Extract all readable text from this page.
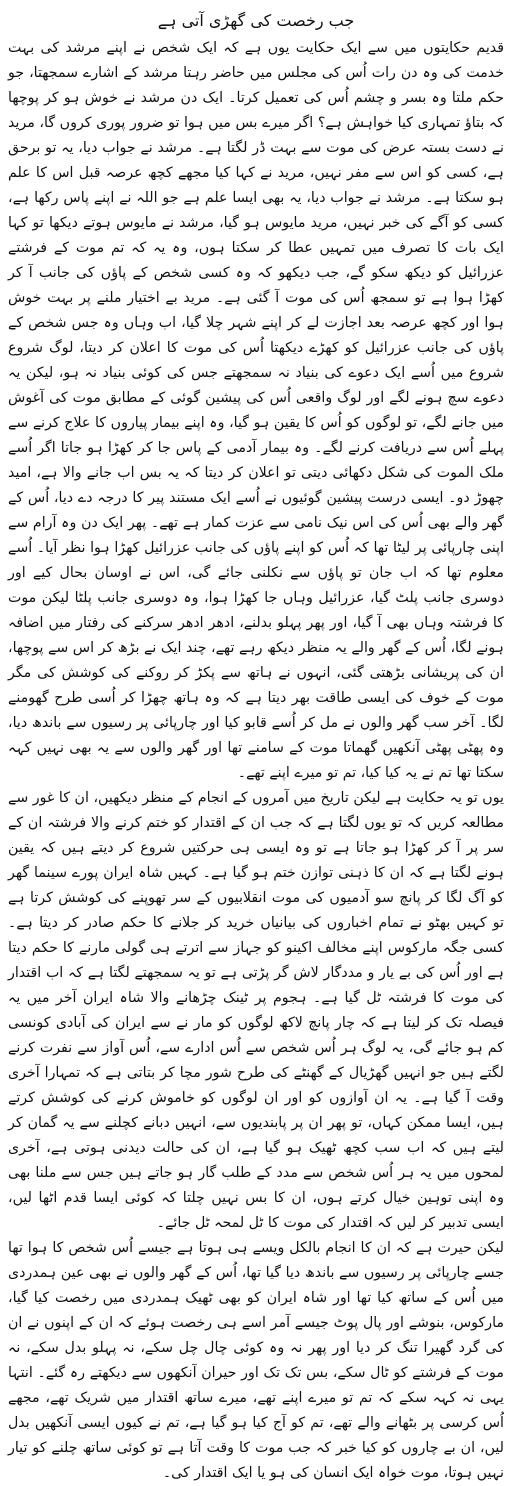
جب رخصت کی گھڑی آتی ہے

قدیم حکایتوں میں سے ایک حکایت یوں ہے کہ ایک شخص نے اپنے مرشد کی بہت خدمت کی وہ دن رات اُس کی مجلس میں حاضر رہتا مرشد کے اشارے سمجھتا، جو حکم ملتا وہ بسر و چشم اُس کی تعمیل کرتا۔ ایک دن مرشد نے خوش ہو کر پوچھا کہ بتاؤ تمہاری کیا خواہش ہے؟ اگر میرے بس میں ہوا تو ضرور پوری کروں گا، مرید نے دست بستہ عرض کی موت سے بہت ڈر لگتا ہے۔ مرشد نے جواب دیا، یہ تو برحق ہے، کسی کو اس سے مفر نہیں، مرید نے کہا کیا مجھے کچھ عرصہ قبل اس کا علم ہو سکتا ہے۔ مرشد نے جواب دیا، یہ بھی ایسا علم ہے جو اللہ نے اپنے پاس رکھا ہے، کسی کو آگے کی خبر نہیں، مرید مایوس ہو گیا، مرشد نے مایوس ہوتے دیکھا تو کہا ایک بات کا تصرف میں تمہیں عطا کر سکتا ہوں، وہ یہ کہ تم موت کے فرشتے عزرائیل کو دیکھ سکو گے، جب دیکھو کہ وہ کسی شخص کے پاؤں کی جانب آ کر کھڑا ہوا ہے تو سمجھ اُس کی موت آ گئی ہے۔ مرید بے اختیار ملنے پر بہت خوش ہوا اور کچھ عرصہ بعد اجازت لے کر اپنے شہر چلا گیا، اب وہاں وہ جس شخص کے پاؤں کی جانب عزرائیل کو کھڑے دیکھتا اُس کی موت کا اعلان کر دیتا، لوگ شروع شروع میں اُسے ایک دعوے کی بنیاد نہ سمجھتے جس کی کوئی بنیاد نہ ہو، لیکن یہ دعوے سچ ہونے لگے اور لوگ واقعی اُس کی پیشین گوئی کے مطابق موت کی آغوش میں جانے لگے، تو لوگوں کو اُس کا یقین ہو گیا، وہ اپنے بیمار پیاروں کا علاج کرنے سے پہلے اُس سے دریافت کرنے لگے۔ وہ بیمار آدمی کے پاس جا کر کھڑا ہو جاتا اگر اُسے ملک الموت کی شکل دکھائی دیتی تو اعلان کر دیتا کہ یہ بس اب جانے والا ہے، امید چھوڑ دو۔ ایسی درست پیشین گوئیوں نے اُسے ایک مستند پیر کا درجہ دے دیا، اُس کے گھر والے بھی اُس کی اس نیک نامی سے عزت کمار ہے تھے۔ پھر ایک دن وہ آرام سے اپنی چارپائی پر لیٹا تھا کہ اُس کو اپنے پاؤں کی جانب عزرائیل کھڑا ہوا نظر آیا۔ اُسے معلوم تھا کہ اب جان تو پاؤں سے نکلنی جائے گی، اس نے اوسان بحال کیے اور دوسری جانب پلٹ گیا، عزرائیل وہاں جا کھڑا ہوا، وہ دوسری جانب پلٹا لیکن موت کا فرشتہ وہاں بھی آ گیا، اور پھر پہلو بدلنے، ادھر ادھر سرکنے کی رفتار میں اضافہ ہونے لگا، اُس کے گھر والے یہ منظر دیکھ رہے تھے، چند ایک نے بڑھ کر اس سے پوچھا، ان کی پریشانی بڑھتی گئی، انہوں نے ہاتھ سے پکڑ کر روکنے کی کوشش کی مگر موت کے خوف کی ایسی طاقت بھر دیتا ہے کہ وہ ہاتھ چھڑا کر اُسی طرح گھومنے لگا۔ آخر سب گھر والوں نے مل کر اُسے قابو کیا اور چارپائی پر رسیوں سے باندھ دیا، وہ پھٹی پھٹی آنکھیں گھماتا موت کے سامنے تھا اور گھر والوں سے یہ بھی نہیں کہہ سکتا تھا تم نے یہ کیا کیا، تم تو میرے اپنے تھے۔

یوں تو یہ حکایت ہے لیکن تاریخ میں آمروں کے انجام کے منظر دیکھیں، ان کا غور سے مطالعہ کریں کہ تو یوں لگتا ہے کہ جب ان کے اقتدار کو ختم کرنے والا فرشتہ ان کے سر پر آ کر کھڑا ہو جاتا ہے تو وہ ایسی ہی حرکتیں شروع کر دیتے ہیں کہ یقین ہونے لگتا ہے کہ ان کا ذہنی توازن ختم ہو گیا ہے۔ کہیں شاہ ایران پورے سینما گھر کو آگ لگا کر پانچ سو آدمیوں کی موت انقلابیوں کے سر تھوپنے کی کوشش کرتا ہے تو کہیں بھٹو نے تمام اخباروں کی بیانیاں خرید کر جلانے کا حکم صادر کر دیتا ہے۔ کسی جگہ مارکوس اپنے مخالف اکینو کو جہاز سے اترتے ہی گولی مارنے کا حکم دیتا ہے اور اُس کی بے یار و مددگار لاش گر پڑتی ہے تو یہ سمجھتے لگتا ہے کہ اب اقتدار کی موت کا فرشتہ ٹل گیا ہے۔ ہجوم پر ٹینک چڑھانے والا شاہ ایران آخر میں یہ فیصلہ تک کر لیتا ہے کہ چار پانچ لاکھ لوگوں کو مار نے سے ایران کی آبادی کونسی کم ہو جائے گی، یہ لوگ ہر اُس شخص سے اُس ادارے سے، اُس آواز سے نفرت کرنے لگتے ہیں جو انہیں گھڑیال کے گھنٹے کی طرح شور مچا کر بتاتی ہے کہ تمہارا آخری وقت آ گیا ہے۔ یہ ان آوازوں کو اور ان لوگوں کو خاموش کرنے کی کوشش کرتے ہیں، ایسا ممکن کہاں، تو پھر ان پر پابندیوں سے، انہیں دبانے کچلنے سے یہ گمان کر لیتے ہیں کہ اب سب کچھ ٹھیک ہو گیا ہے، ان کی حالت دیدنی ہوتی ہے، آخری لمحوں میں یہ ہر اُس شخص سے مدد کے طلب گار ہو جاتے ہیں جس سے ملنا بھی وہ اپنی توہین خیال کرتے ہوں، ان کا بس نہیں چلتا کہ کوئی ایسا قدم اٹھا لیں، ایسی تدبیر کر لیں کہ اقتدار کی موت کا ٹل لمحہ ٹل جائے۔

لیکن حیرت ہے کہ ان کا انجام بالکل ویسے ہی ہوتا ہے جیسے اُس شخص کا ہوا تھا جسے چارپائی پر رسیوں سے باندھ دیا گیا تھا، اُس کے گھر والوں نے بھی عین ہمدردی میں اُس کے ساتھ کیا تھا اور شاہ ایران کو بھی ٹھیک ہمدردی میں رخصت کیا گیا، مارکوس، بنوشے اور پال پوٹ جیسے آمر اسے ہی رخصت ہوئے کہ ان کے اپنوں نے ان کی گرد گھیرا تنگ کر دیا اور پھر نہ وہ کوئی چال چل سکے، نہ پہلو بدل سکے، نہ موت کے فرشتے کو ٹال سکے، بس تک تک اور حیران آنکھوں سے دیکھتے رہ گئے۔ انتہا یہی نہ کہہ سکے کہ تم تو میرے اپنے تھے، میرے ساتھ اقتدار میں شریک تھے، مجھے اُس کرسی پر بٹھانے والے تھے، تم کو آج کیا ہو گیا ہے، تم نے کیوں ایسی آنکھیں بدل لیں، ان بے چاروں کو کیا خبر کہ جب موت کا وقت آتا ہے تو کوئی ساتھ چلنے کو تیار نہیں ہوتا، موت خواہ ایک انسان کی ہو یا ایک اقتدار کی۔
